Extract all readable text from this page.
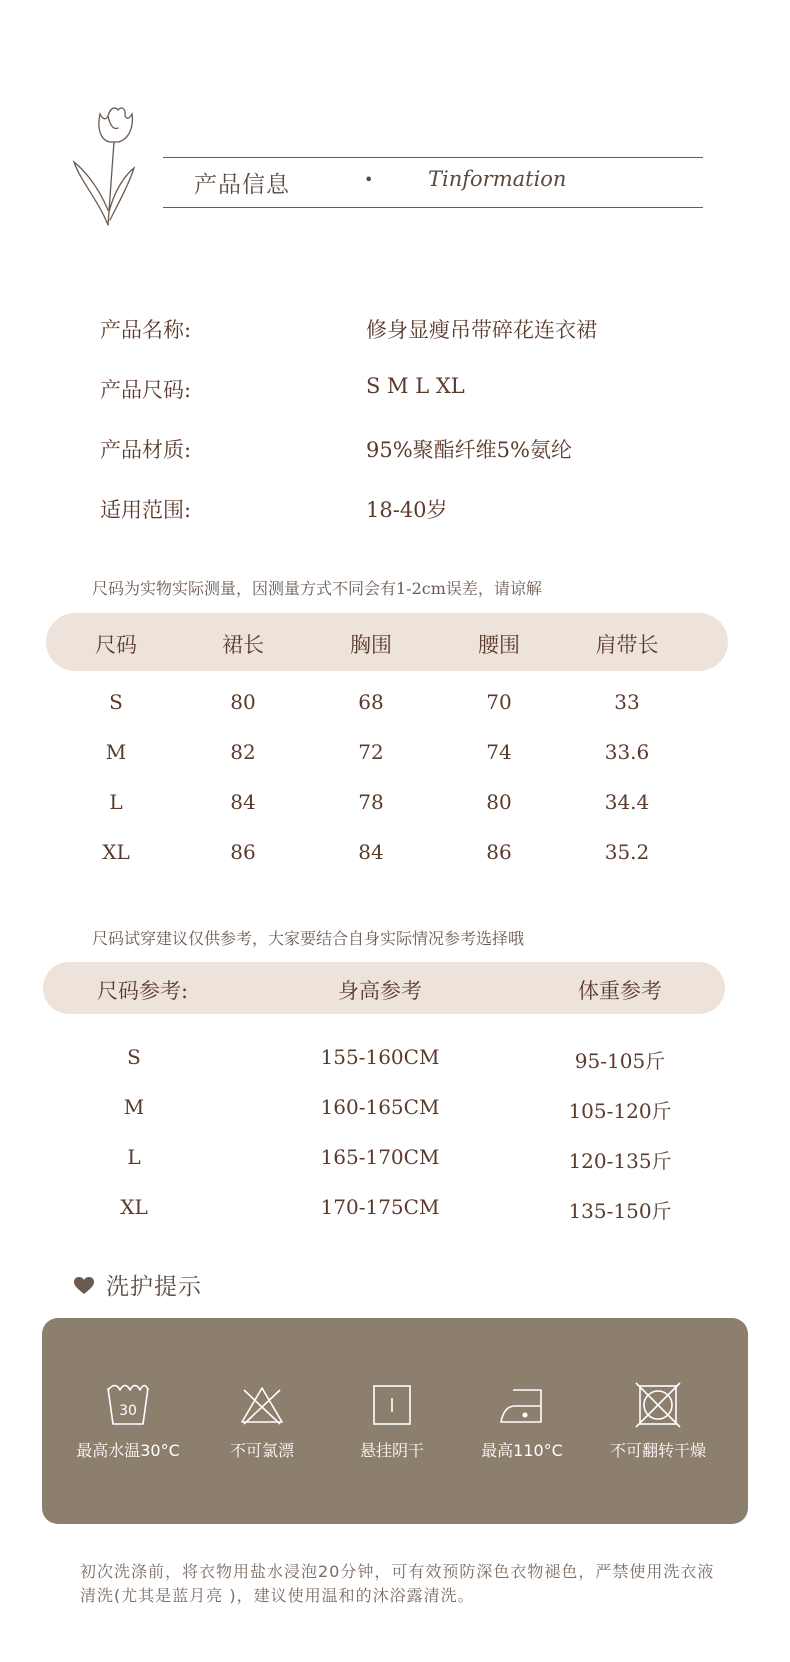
产品信息	•	Tinformation
产品名称:	修身显瘦吊带碎花连衣裙
产品尺码:	S M L XL
产品材质:	95%聚酯纤维5%氨纶
适用范围:	18-40岁
尺码为实物实际测量，因测量方式不同会有1-2cm误差，请谅解
尺码	裙长	胸围	腰围	肩带长
S	80	68	70	33
M	82	72	74	33.6
L	84	78	80	34.4
XL	86	84	86	35.2
尺码试穿建议仅供参考，大家要结合自身实际情况参考选择哦
尺码参考:	身高参考	体重参考
S	155-160CM	95-105斤
M	160-165CM	105-120斤
L	165-170CM	120-135斤
XL	170-175CM	135-150斤
洗护提示
30
最高水温30°C	不可氯漂	悬挂阴干	最高110°C	不可翻转干燥
初次洗涤前，将衣物用盐水浸泡20分钟，可有效预防深色衣物褪色，严禁使用洗衣液清洗(尤其是蓝月亮 )，建议使用温和的沐浴露清洗。
